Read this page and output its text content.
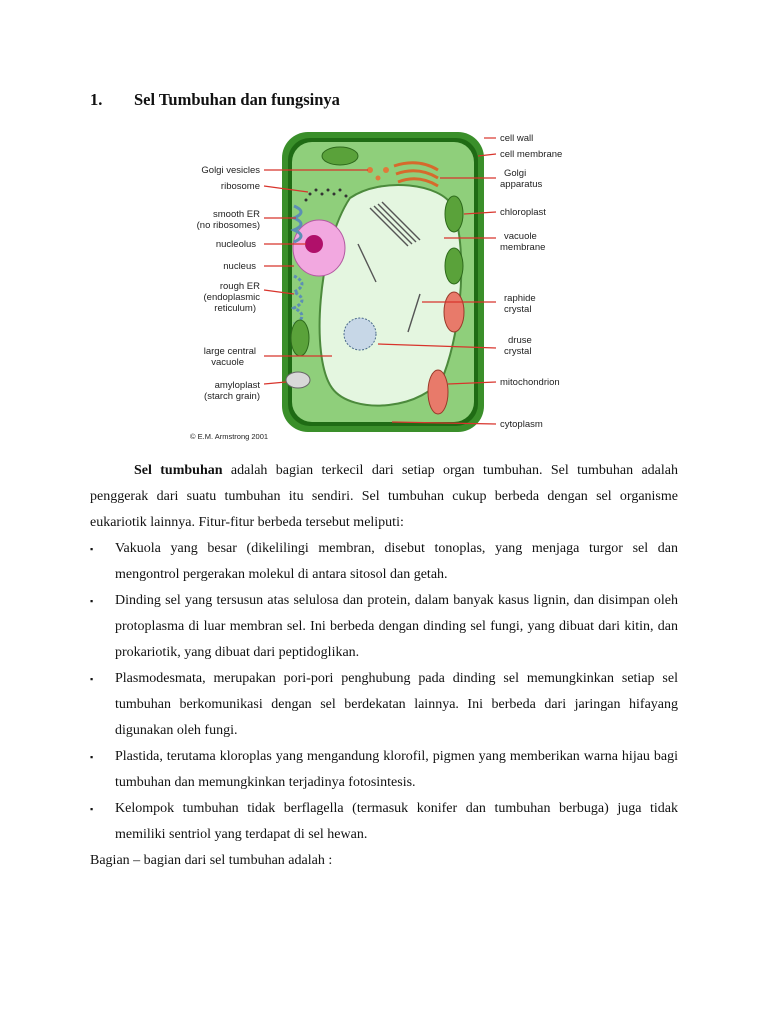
1. Sel Tumbuhan dan fungsinya
Golgi vesicles
ribosome
smooth ER
(no ribosomes)
nucleolus
nucleus
rough ER
(endoplasmic
reticulum)
large central
vacuole
amyloplast
(starch grain)
cell wall
cell membrane
Golgi
apparatus
chloroplast
vacuole
membrane
raphide
crystal
druse
crystal
mitochondrion
cytoplasm
© E.M. Armstrong 2001

Sel tumbuhan adalah bagian terkecil dari setiap organ tumbuhan. Sel tumbuhan adalah penggerak dari suatu tumbuhan itu sendiri. Sel tumbuhan cukup berbeda dengan sel organisme eukariotik lainnya. Fitur-fitur berbeda tersebut meliputi:

▪ Vakuola yang besar (dikelilingi membran, disebut tonoplas, yang menjaga turgor sel dan mengontrol pergerakan molekul di antara sitosol dan getah.
▪ Dinding sel yang tersusun atas selulosa dan protein, dalam banyak kasus lignin, dan disimpan oleh protoplasma di luar membran sel. Ini berbeda dengan dinding sel fungi, yang dibuat dari kitin, dan prokariotik, yang dibuat dari peptidoglikan.
▪ Plasmodesmata, merupakan pori-pori penghubung pada dinding sel memungkinkan setiap sel tumbuhan berkomunikasi dengan sel berdekatan lainnya. Ini berbeda dari jaringan hifayang digunakan oleh fungi.
▪ Plastida, terutama kloroplas yang mengandung klorofil, pigmen yang memberikan warna hijau bagi tumbuhan dan memungkinkan terjadinya fotosintesis.
▪ Kelompok tumbuhan tidak berflagella (termasuk konifer dan tumbuhan berbuga) juga tidak memiliki sentriol yang terdapat di sel hewan.

Bagian – bagian dari sel tumbuhan adalah :
